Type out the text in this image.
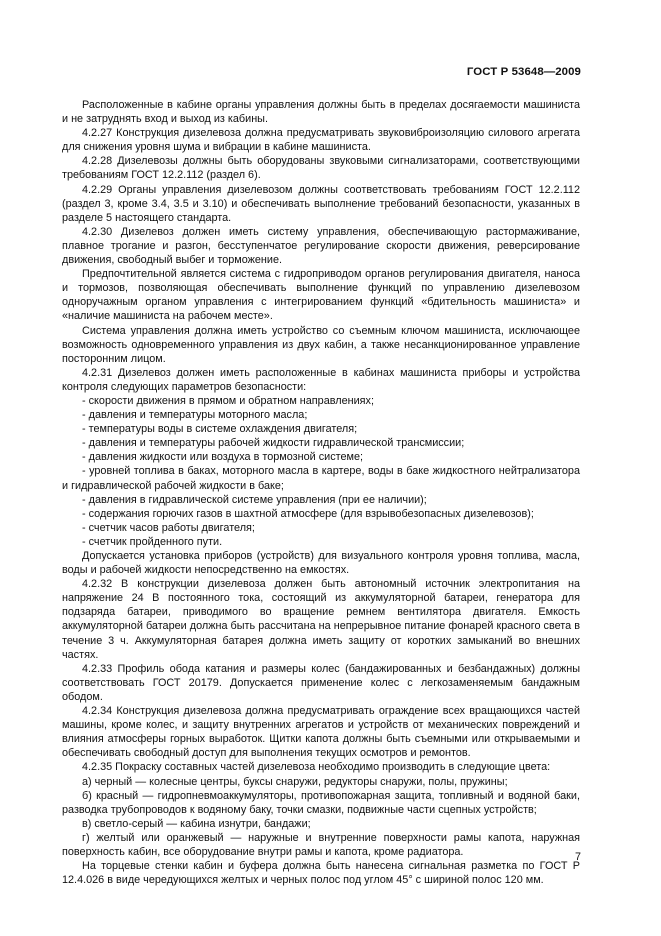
ГОСТ Р 53648—2009

Расположенные в кабине органы управления должны быть в пределах досягаемости машиниста и не затруднять вход и выход из кабины.

4.2.27 Конструкция дизелевоза должна предусматривать звуковиброизоляцию силового агрегата для снижения уровня шума и вибрации в кабине машиниста.

4.2.28 Дизелевозы должны быть оборудованы звуковыми сигнализаторами, соответствующими требованиям ГОСТ 12.2.112 (раздел 6).

4.2.29 Органы управления дизелевозом должны соответствовать требованиям ГОСТ 12.2.112 (раздел 3, кроме 3.4, 3.5 и 3.10) и обеспечивать выполнение требований безопасности, указанных в разделе 5 настоящего стандарта.

4.2.30 Дизелевоз должен иметь систему управления, обеспечивающую растормаживание, плавное трогание и разгон, бесступенчатое регулирование скорости движения, реверсирование движения, свободный выбег и торможение.

Предпочтительной является система с гидроприводом органов регулирования двигателя, наноса и тормозов, позволяющая обеспечивать выполнение функций по управлению дизелевозом одноручажным органом управления с интегрированием функций «бдительность машиниста» и «наличие машиниста на рабочем месте».

Система управления должна иметь устройство со съемным ключом машиниста, исключающее возможность одновременного управления из двух кабин, а также несанкционированное управление посторонним лицом.

4.2.31 Дизелевоз должен иметь расположенные в кабинах машиниста приборы и устройства контроля следующих параметров безопасности:

- скорости движения в прямом и обратном направлениях;

- давления и температуры моторного масла;

- температуры воды в системе охлаждения двигателя;

- давления и температуры рабочей жидкости гидравлической трансмиссии;

- давления жидкости или воздуха в тормозной системе;

- уровней топлива в баках, моторного масла в картере, воды в баке жидкостного нейтрализатора и гидравлической рабочей жидкости в баке;

- давления в гидравлической системе управления (при ее наличии);

- содержания горючих газов в шахтной атмосфере (для взрывобезопасных дизелевозов);

- счетчик часов работы двигателя;

- счетчик пройденного пути.

Допускается установка приборов (устройств) для визуального контроля уровня топлива, масла, воды и рабочей жидкости непосредственно на емкостях.

4.2.32 В конструкции дизелевоза должен быть автономный источник электропитания на напряжение 24 В постоянного тока, состоящий из аккумуляторной батареи, генератора для подзаряда батареи, приводимого во вращение ремнем вентилятора двигателя. Емкость аккумуляторной батареи должна быть рассчитана на непрерывное питание фонарей красного света в течение 3 ч. Аккумуляторная батарея должна иметь защиту от коротких замыканий во внешних частях.

4.2.33 Профиль обода катания и размеры колес (бандажированных и безбандажных) должны соответствовать ГОСТ 20179. Допускается применение колес с легкозаменяемым бандажным ободом.

4.2.34 Конструкция дизелевоза должна предусматривать ограждение всех вращающихся частей машины, кроме колес, и защиту внутренних агрегатов и устройств от механических повреждений и влияния атмосферы горных выработок. Щитки капота должны быть съемными или открываемыми и обеспечивать свободный доступ для выполнения текущих осмотров и ремонтов.

4.2.35 Покраску составных частей дизелевоза необходимо производить в следующие цвета:

а) черный — колесные центры, буксы снаружи, редукторы снаружи, полы, пружины;

б) красный — гидропневмоаккумуляторы, противопожарная защита, топливный и водяной баки, разводка трубопроводов к водяному баку, точки смазки, подвижные части сцепных устройств;

в) светло-серый — кабина изнутри, бандажи;

г) желтый или оранжевый — наружные и внутренние поверхности рамы капота, наружная поверхность кабин, все оборудование внутри рамы и капота, кроме радиатора.

На торцевые стенки кабин и буфера должна быть нанесена сигнальная разметка по ГОСТ Р 12.4.026 в виде чередующихся желтых и черных полос под углом 45° с шириной полос 120 мм.

7
